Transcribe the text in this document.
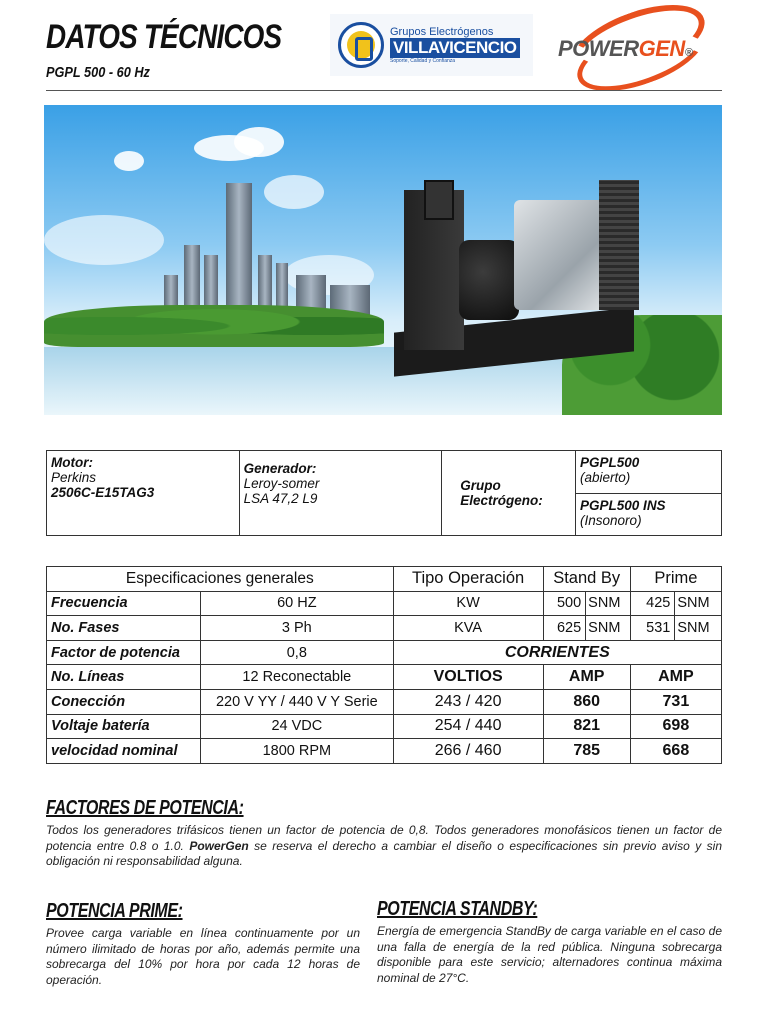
DATOS TÉCNICOS
PGPL 500 - 60 Hz
Grupos Electrógenos
VILLAVICENCIO
Soporte, Calidad y Confianza	POWERGEN®
Motor:
Perkins
2506C-E15TAG3

Generador:
Leroy-somer
LSA 47,2 L9
	Grupo Electrógeno:	
PGPL500
(abierto)

PGPL500 INS
(Insonoro)
Especificaciones generales		Tipo Operación	Stand By		Prime	
Frecuencia	60 HZ	KW	500	SNM	425	SNM
No. Fases	3 Ph	KVA	625	SNM	531	SNM
Factor de potencia	0,8	CORRIENTES				
No. Líneas	12 Reconectable	VOLTIOS	AMP		AMP	
Conección	220 V YY / 440 V Y Serie	243 / 420	860		731	
Voltaje batería	24 VDC	254 / 440	821		698	
velocidad nominal	1800 RPM	266 / 460	785		668	
FACTORES DE POTENCIA:
Todos los generadores trifásicos tienen un factor de potencia de 0,8. Todos generadores monofásicos tienen un factor de potencia entre 0.8 o 1.0. PowerGen se reserva el derecho a cambiar el diseño o especificaciones sin previo aviso y sin obligación ni responsabilidad alguna.
POTENCIA PRIME:
Provee carga variable en línea continuamente por un número ilimitado de horas por año, además permite una sobrecarga del 10% por hora por cada 12 horas de operación.
POTENCIA STANDBY:
Energía de emergencia StandBy de carga variable en el caso de una falla de energía de la red pública. Ninguna sobrecarga disponible para este servicio; alternadores continua máxima nominal de 27°C.
